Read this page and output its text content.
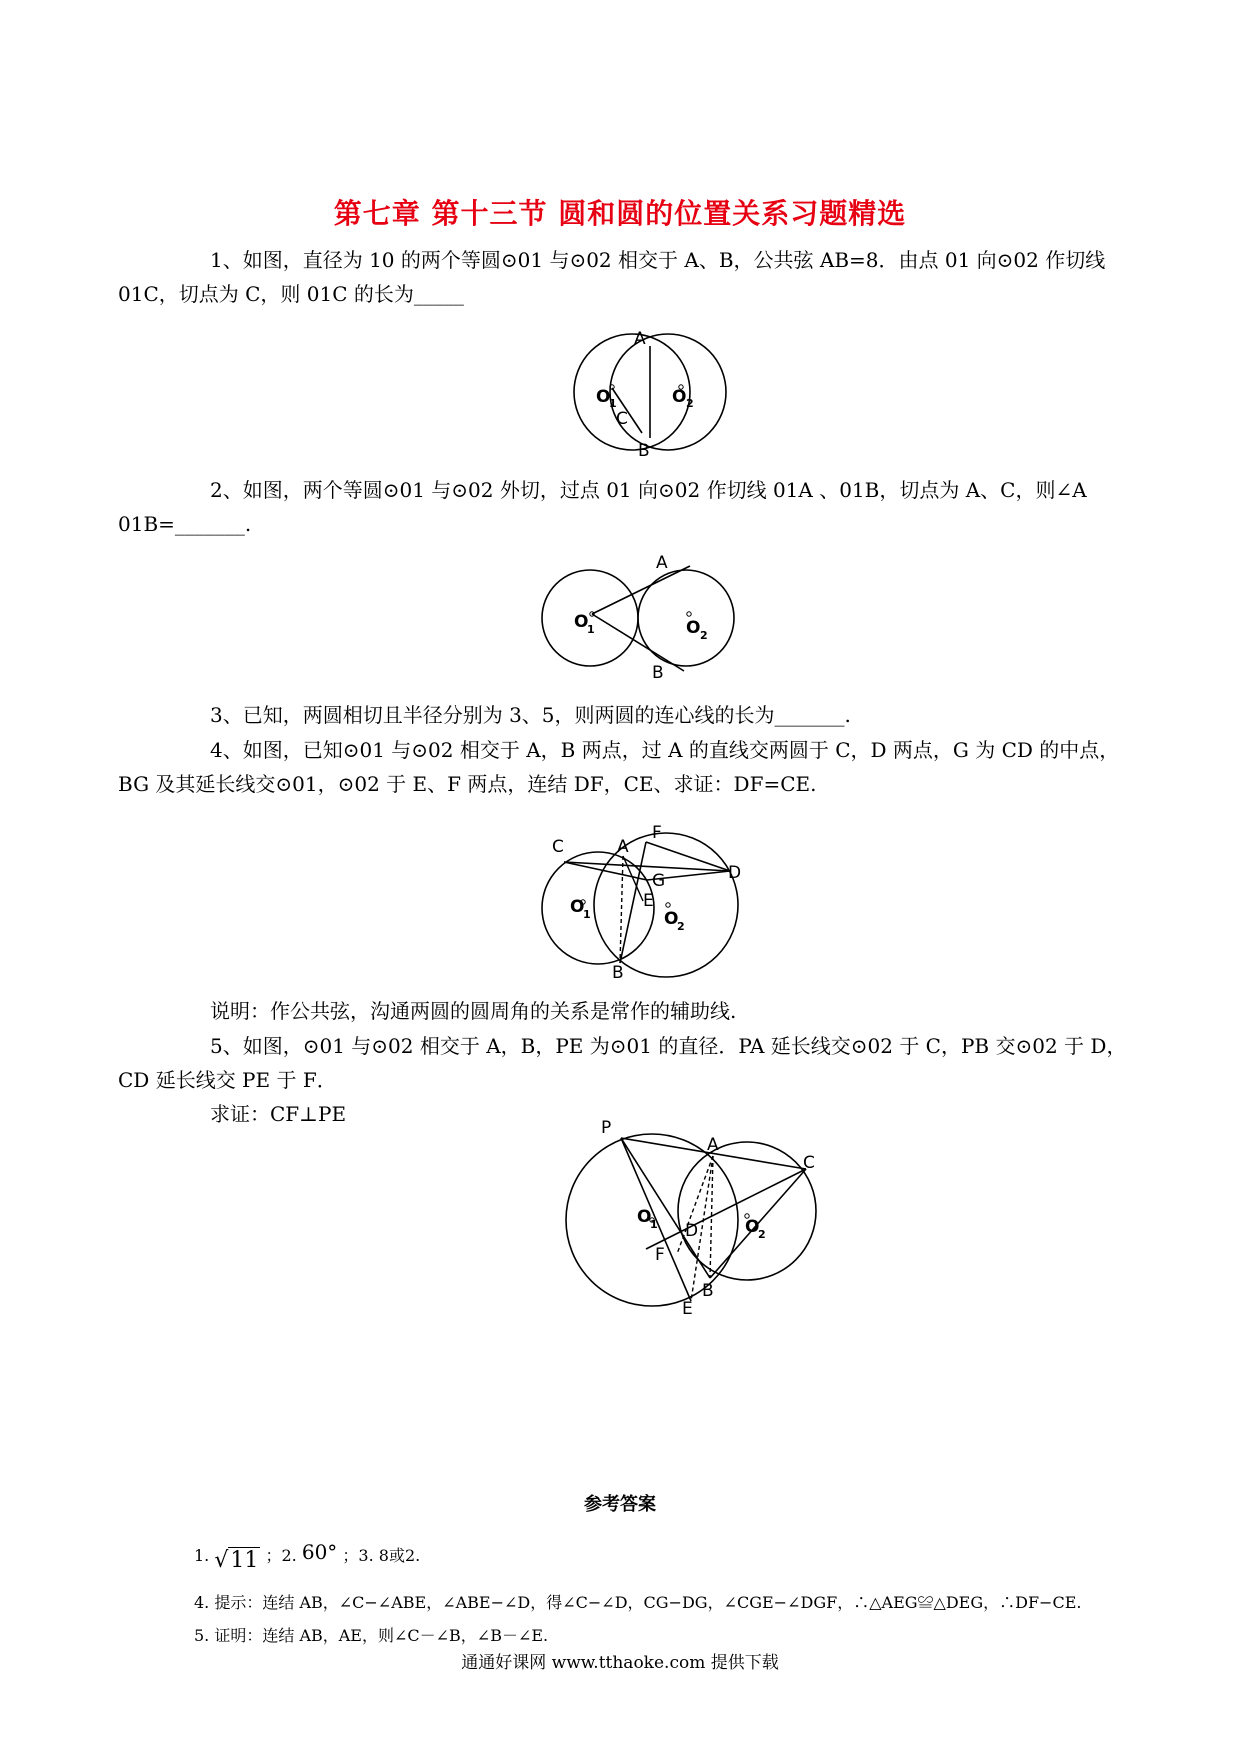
第七章 第十三节 圆和圆的位置关系习题精选
1、如图，直径为 10 的两个等圆⊙01 与⊙02 相交于 A、B，公共弦 AB=8．由点 01 向⊙02 作切线
01C，切点为 C，则 01C 的长为_____
A
B
C
O
1	O 2
2、如图，两个等圆⊙01 与⊙02 外切，过点 01 向⊙02 作切线 01A 、01B，切点为 A、C，则∠A
01B=_______.
A
B
O
1	O 2
3、已知，两圆相切且半径分别为 3、5，则两圆的连心线的长为_______.
4、如图，已知⊙01 与⊙02 相交于 A，B 两点，过 A 的直线交两圆于 C，D 两点，G 为 CD 的中点，
BG 及其延长线交⊙01，⊙02 于 E、F 两点，连结 DF，CE、求证：DF=CE.
C	A
F
D
G
E
B
O
1	O
2
说明：作公共弦，沟通两圆的圆周角的关系是常作的辅助线.
5、如图，⊙01 与⊙02 相交于 A，B，PE 为⊙01 的直径．PA 延长线交⊙02 于 C，PB 交⊙02 于 D，
CD 延长线交 PE 于 F．
求证：CF⊥PE
P
A
C
D
F
B
E
O
1	O
2
参考答案
1. √11 ；2. 60° ；3. 8或2.
4. 提示：连结 AB，∠C−∠ABE，∠ABE−∠D，得∠C−∠D，CG−DG，∠CGE−∠DGF，∴△AEG≌△DEG，∴DF−CE.
5. 证明：连结 AB，AE，则∠C－∠B，∠B－∠E.
通通好课网 www.tthaoke.com 提供下载
